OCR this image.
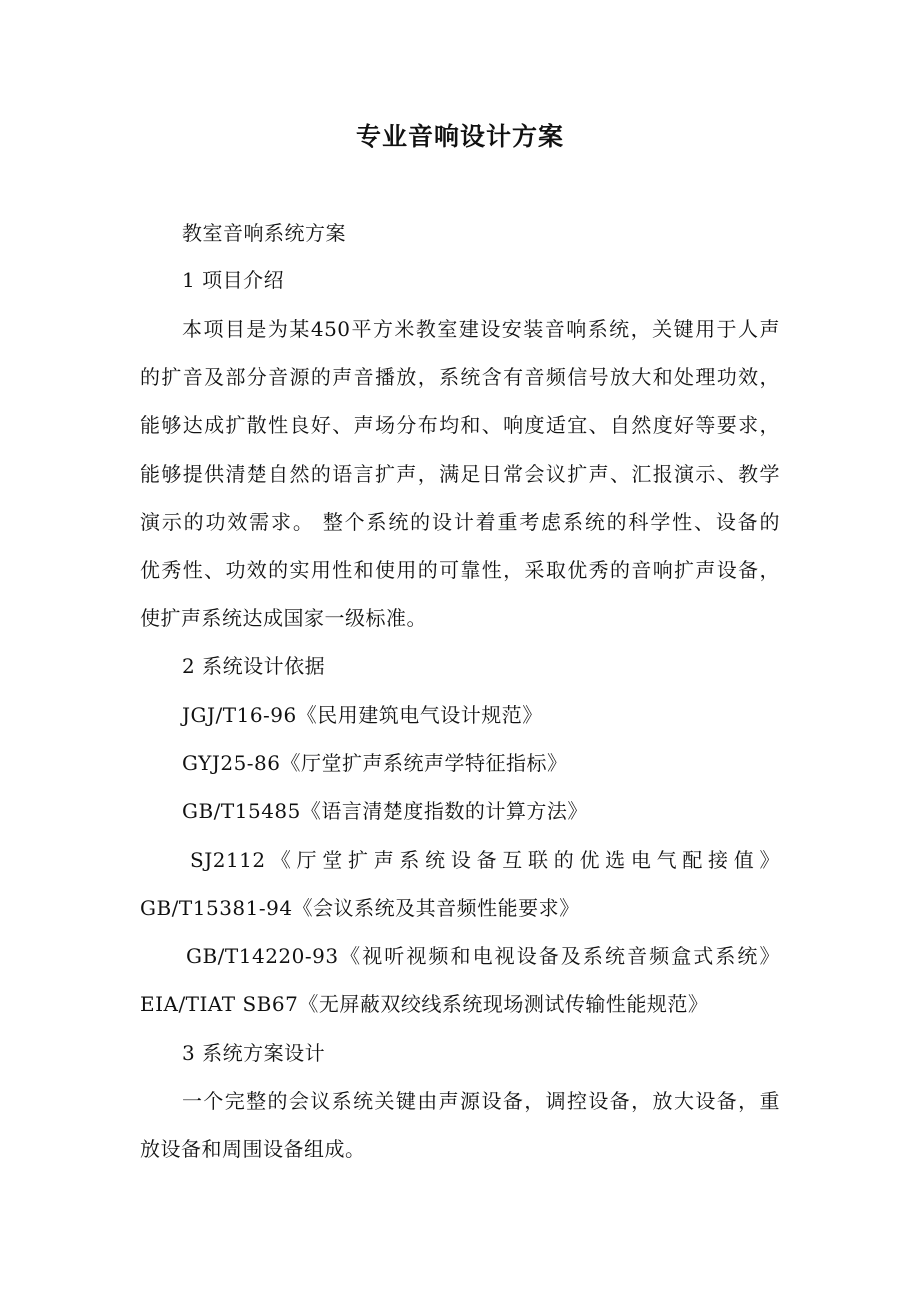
专业音响设计方案
教室音响系统方案
1 项目介绍
本项目是为某450平方米教室建设安装音响系统，关键用于人声
的扩音及部分音源的声音播放，系统含有音频信号放大和处理功效，
能够达成扩散性良好、声场分布均和、响度适宜、自然度好等要求，
能够提供清楚自然的语言扩声，满足日常会议扩声、汇报演示、教学
演示的功效需求。 整个系统的设计着重考虑系统的科学性、设备的
优秀性、功效的实用性和使用的可靠性，采取优秀的音响扩声设备，
使扩声系统达成国家一级标准。
2 系统设计依据
JGJ/T16-96《民用建筑电气设计规范》
GYJ25-86《厅堂扩声系统声学特征指标》
GB/T15485《语言清楚度指数的计算方法》
SJ2112《厅堂扩声系统设备互联的优选电气配接值》
GB/T15381-94《会议系统及其音频性能要求》
GB/T14220-93《视听视频和电视设备及系统音频盒式系统》
EIA/TIAT SB67《无屏蔽双绞线系统现场测试传输性能规范》
3 系统方案设计
一个完整的会议系统关键由声源设备，调控设备，放大设备，重
放设备和周围设备组成。
